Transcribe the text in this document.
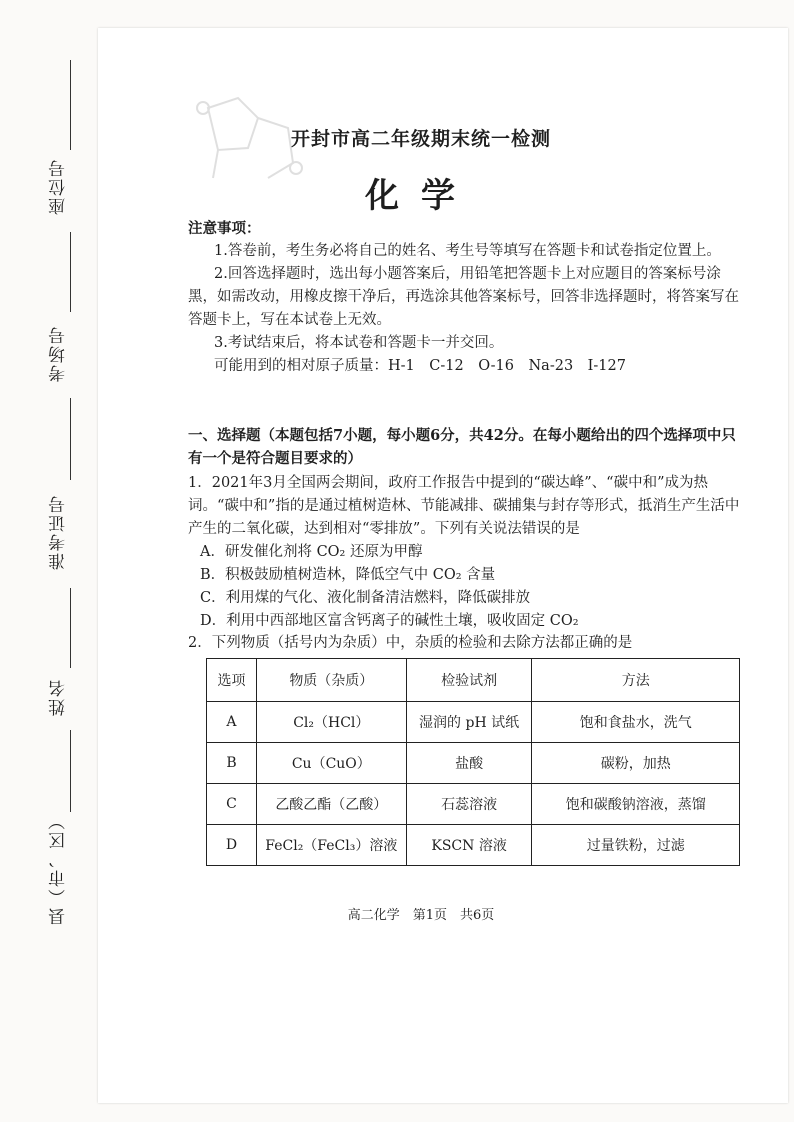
座位号
考场号
准考证号
姓名
县（市、区）
开封市高二年级期末统一检测
化学
注意事项：

1.答卷前，考生务必将自己的姓名、考生号等填写在答题卡和试卷指定位置上。

2.回答选择题时，选出每小题答案后，用铅笔把答题卡上对应题目的答案标号涂黑，如需改动，用橡皮擦干净后，再选涂其他答案标号，回答非选择题时，将答案写在答题卡上，写在本试卷上无效。

3.考试结束后，将本试卷和答题卡一并交回。

可能用到的相对原子质量：H-1　C-12　O-16　Na-23　I-127

一、选择题（本题包括7小题，每小题6分，共42分。在每小题给出的四个选择项中只有一个是符合题目要求的）

1．2021年3月全国两会期间，政府工作报告中提到的“碳达峰”、“碳中和”成为热词。“碳中和”指的是通过植树造林、节能减排、碳捕集与封存等形式，抵消生产生活中产生的二氧化碳，达到相对“零排放”。下列有关说法错误的是

A．研发催化剂将 CO₂ 还原为甲醇

B．积极鼓励植树造林，降低空气中 CO₂ 含量

C．利用煤的气化、液化制备清洁燃料，降低碳排放

D．利用中西部地区富含钙离子的碱性土壤，吸收固定 CO₂

2．下列物质（括号内为杂质）中，杂质的检验和去除方法都正确的是
选项	物质（杂质）	检验试剂	方法
A	Cl₂（HCl）	湿润的 pH 试纸	饱和食盐水，洗气
B	Cu（CuO）	盐酸	碳粉，加热
C	乙酸乙酯（乙酸）	石蕊溶液	饱和碳酸钠溶液，蒸馏
D	FeCl₂（FeCl₃）溶液	KSCN 溶液	过量铁粉，过滤
高二化学　第1页　共6页
